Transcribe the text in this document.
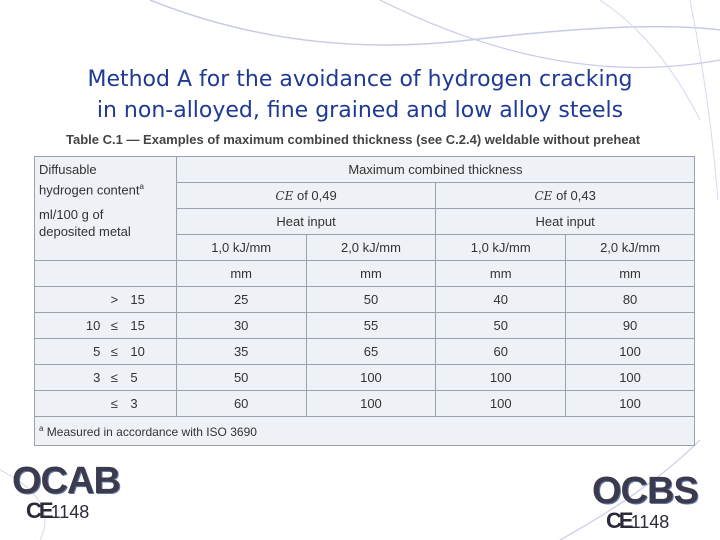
Method A for the avoidance of hydrogen cracking
in non-alloyed, fine grained and low alloy steels
Table C.1 — Examples of maximum combined thickness (see C.2.4) weldable without preheat
Diffusable
hydrogen content$^a$
ml/100 g of
deposited metal			Maximum combined thickness			
			CE of 0,49		CE of 0,43	
			Heat input		Heat input	
			1,0 kJ/mm	2,0 kJ/mm	1,0 kJ/mm	2,0 kJ/mm
			mm	mm	mm	mm
	>	15	25	50	40	80
10	≤	15	30	55	50	90
5	≤	10	35	65	60	100
3	≤	5	50	100	100	100
	≤	3	60	100	100	100
$^a$ Measured in accordance with ISO 3690						
OCAB
CE1148	OCBS
CE1148
